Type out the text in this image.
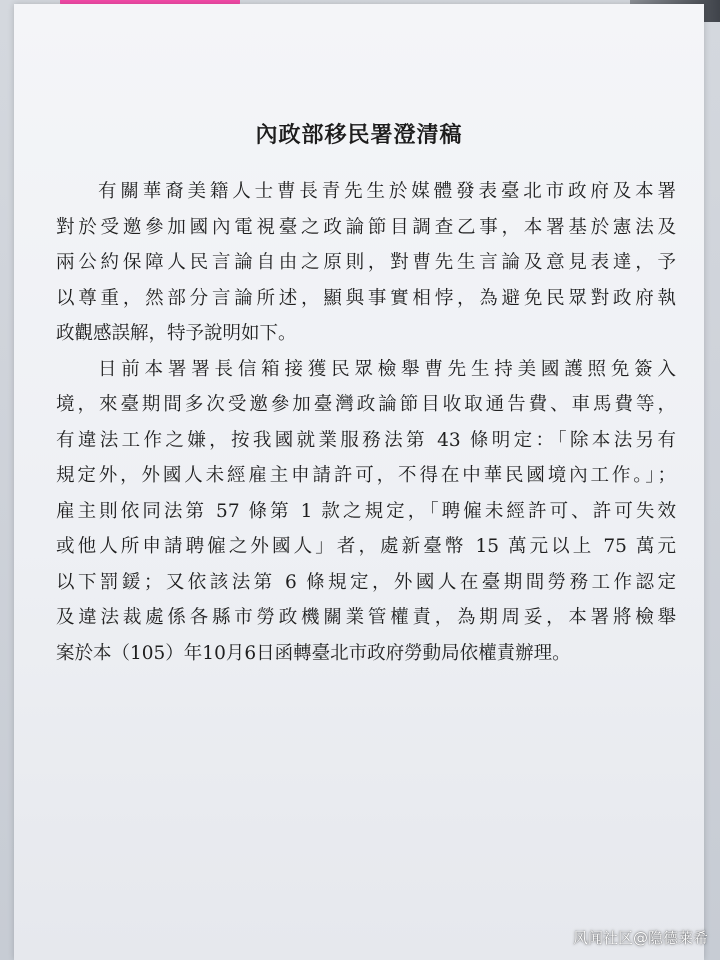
內政部移民署澄清稿
有關華裔美籍人士曹長青先生於媒體發表臺北市政府及本署
對於受邀參加國內電視臺之政論節目調查乙事，本署基於憲法及
兩公約保障人民言論自由之原則，對曹先生言論及意見表達，予
以尊重，然部分言論所述，顯與事實相悖，為避免民眾對政府執
政觀感誤解，特予說明如下。
日前本署署長信箱接獲民眾檢舉曹先生持美國護照免簽入
境，來臺期間多次受邀參加臺灣政論節目收取通告費、車馬費等，
有違法工作之嫌，按我國就業服務法第 43 條明定：「除本法另有
規定外，外國人未經雇主申請許可，不得在中華民國境內工作。」；
雇主則依同法第 57 條第 1 款之規定，「聘僱未經許可、許可失效
或他人所申請聘僱之外國人」者，處新臺幣 15 萬元以上 75 萬元
以下罰鍰；又依該法第 6 條規定，外國人在臺期間勞務工作認定
及違法裁處係各縣市勞政機關業管權責，為期周妥，本署將檢舉
案於本（105）年10月6日函轉臺北市政府勞動局依權責辦理。
风闻社区@隐德莱希
